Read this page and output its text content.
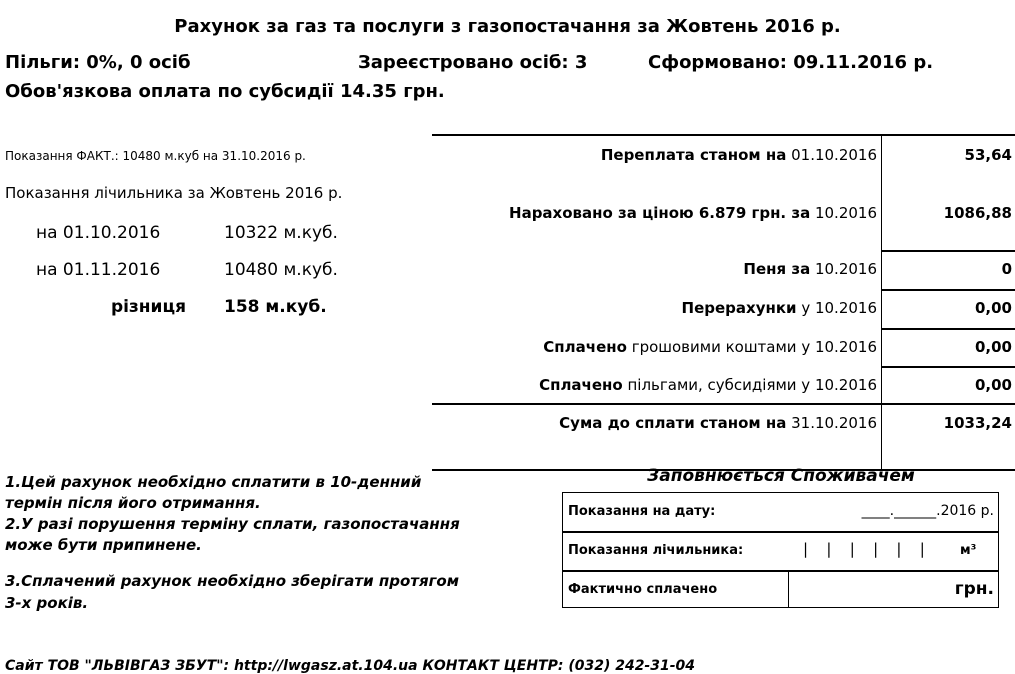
Рахунок за газ та послуги з газопостачання за Жовтень 2016 р.
Пільги: 0%, 0 осіб	Зареєстровано осіб: 3	Сформовано: 09.11.2016 р.
Обов'язкова оплата по субсидії 14.35 грн.
Показання ФАКТ.: 10480 м.куб на 31.10.2016 р.
Показання лічильника за Жовтень 2016 р.
на 01.10.2016	10322 м.куб.
на 01.11.2016	10480 м.куб.
різниця 158 м.куб.
Переплата станом на 01.10.2016	53,64
Нараховано за ціною 6.879 грн. за 10.2016	1086,88
Пеня за 10.2016	0
Перерахунки у 10.2016	0,00
Сплачено грошовими коштами у 10.2016	0,00
Сплачено пільгами, субсидіями у 10.2016	0,00
Сума до сплати станом на 31.10.2016	1033,24
1.Цей рахунок необхідно сплатити в 10-денний
термін після його отримання.
2.У разі порушення терміну сплати, газопостачання
може бути припинене.
3.Сплачений рахунок необхідно зберігати протягом
3-х років.
Заповнюється Споживачем
Показання на дату:	____.______.2016 р.
Показання лічильника:	|   |   |   |   |   |	м³
Фактично сплачено	грн.
Сайт ТОВ "ЛЬВІВГАЗ ЗБУТ": http://lwgasz.at.104.ua КОНТАКТ ЦЕНТР: (032) 242-31-04
